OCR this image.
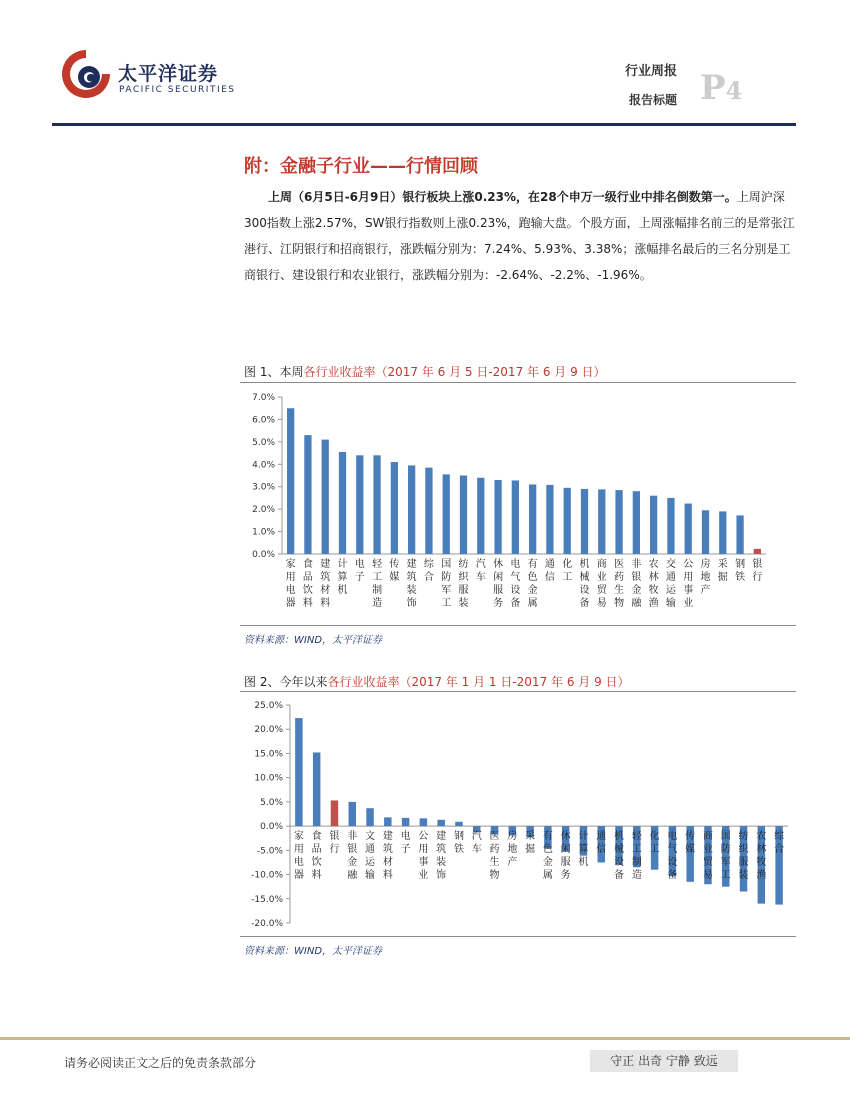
太平洋证券
PACIFIC SECURITIES
行业周报
报告标题 P4
附：金融子行业——行情回顾
上周（6月5日-6月9日）银行板块上涨0.23%，在28个申万一级行业中排名倒数第一。上周沪深300指数上涨2.57%，SW银行指数则上涨0.23%，跑输大盘。个股方面，上周涨幅排名前三的是常张江港行、江阴银行和招商银行，涨跌幅分别为：7.24%、5.93%、3.38%；涨幅排名最后的三名分别是工商银行、建设银行和农业银行，涨跌幅分别为：-2.64%、-2.2%、-1.96%。
图 1、本周各行业收益率（2017 年 6 月 5 日-2017 年 6 月 9 日）
0.0%
1.0%
2.0%
3.0%
4.0%
5.0%
6.0%
7.0%
家
用
电
器
食
品
饮
料
建
筑
材
料
计
算
机
电
子
轻
工
制
造
传
媒
建
筑
装
饰
综
合
国
防
军
工
纺
织
服
装
汽
车
休
闲
服
务
电
气
设
备
有
色
金
属
通
信
化
工
机
械
设
备
商
业
贸
易
医
药
生
物
非
银
金
融
农
林
牧
渔
交
通
运
输
公
用
事
业
房
地
产
采
掘
钢
铁
银
行
资料来源：WIND，太平洋证券
图 2、今年以来各行业收益率（2017 年 1 月 1 日-2017 年 6 月 9 日）
-20.0%
-15.0%
-10.0%
-5.0%
0.0%
5.0%
10.0%
15.0%
20.0%
25.0%
家
用
电
器
食
品
饮
料
银
行
非
银
金
融
文
通
运
输
建
筑
材
料
电
子
公
用
事
业
建
筑
装
饰
钢
铁
汽
车
医
药
生
物
房
地
产
采
掘
有
色
金
属
休
闲
服
务
计
算
机
通
信
机
械
设
备
轻
工
制
造
化
工
电
气
设
备
传
媒
商
业
贸
易
国
防
军
工
纺
织
服
装
农
林
牧
渔
综
合
资料来源：WIND，太平洋证券
请务必阅读正文之后的免责条款部分	守正 出奇 宁静 致远
